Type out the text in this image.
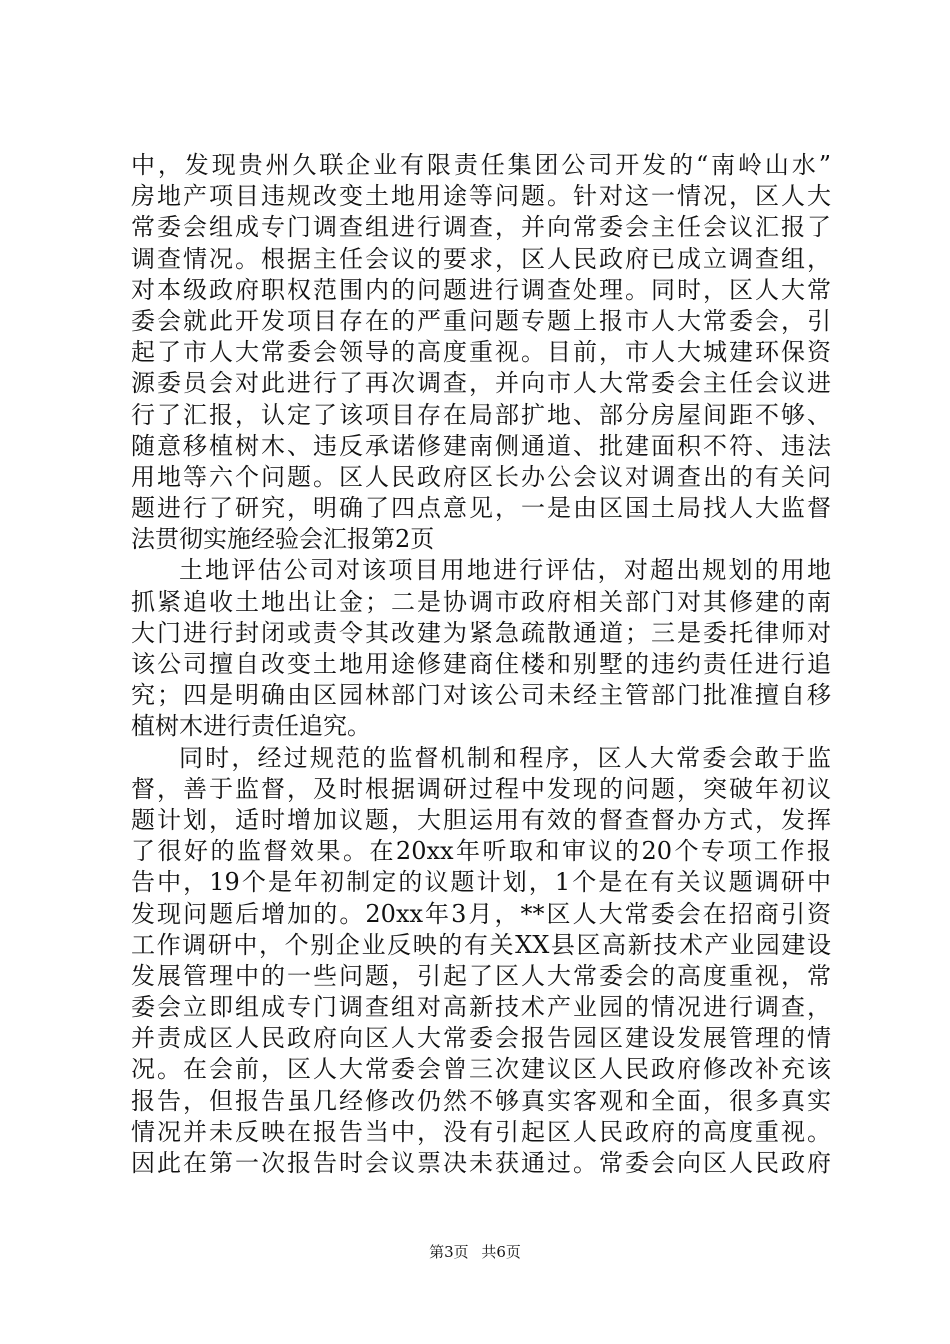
中，发现贵州久联企业有限责任集团公司开发的“南岭山水”
房地产项目违规改变土地用途等问题。针对这一情况，区人大
常委会组成专门调查组进行调查，并向常委会主任会议汇报了
调查情况。根据主任会议的要求，区人民政府已成立调查组，
对本级政府职权范围内的问题进行调查处理。同时，区人大常
委会就此开发项目存在的严重问题专题上报市人大常委会，引
起了市人大常委会领导的高度重视。目前，市人大城建环保资
源委员会对此进行了再次调查，并向市人大常委会主任会议进
行了汇报，认定了该项目存在局部扩地、部分房屋间距不够、
随意移植树木、违反承诺修建南侧通道、批建面积不符、违法
用地等六个问题。区人民政府区长办公会议对调查出的有关问
题进行了研究，明确了四点意见，一是由区国土局找人大监督
法贯彻实施经验会汇报第2页
土地评估公司对该项目用地进行评估，对超出规划的用地
抓紧追收土地出让金；二是协调市政府相关部门对其修建的南
大门进行封闭或责令其改建为紧急疏散通道；三是委托律师对
该公司擅自改变土地用途修建商住楼和别墅的违约责任进行追
究；四是明确由区园林部门对该公司未经主管部门批准擅自移
植树木进行责任追究。
同时，经过规范的监督机制和程序，区人大常委会敢于监
督，善于监督，及时根据调研过程中发现的问题，突破年初议
题计划，适时增加议题，大胆运用有效的督查督办方式，发挥
了很好的监督效果。在20xx年听取和审议的20个专项工作报
告中，19个是年初制定的议题计划，1个是在有关议题调研中
发现问题后增加的。20xx年3月，**区人大常委会在招商引资
工作调研中，个别企业反映的有关XX县区高新技术产业园建设
发展管理中的一些问题，引起了区人大常委会的高度重视，常
委会立即组成专门调查组对高新技术产业园的情况进行调查，
并责成区人民政府向区人大常委会报告园区建设发展管理的情
况。在会前，区人大常委会曾三次建议区人民政府修改补充该
报告，但报告虽几经修改仍然不够真实客观和全面，很多真实
情况并未反映在报告当中，没有引起区人民政府的高度重视。
因此在第一次报告时会议票决未获通过。常委会向区人民政府
第3页 共6页
